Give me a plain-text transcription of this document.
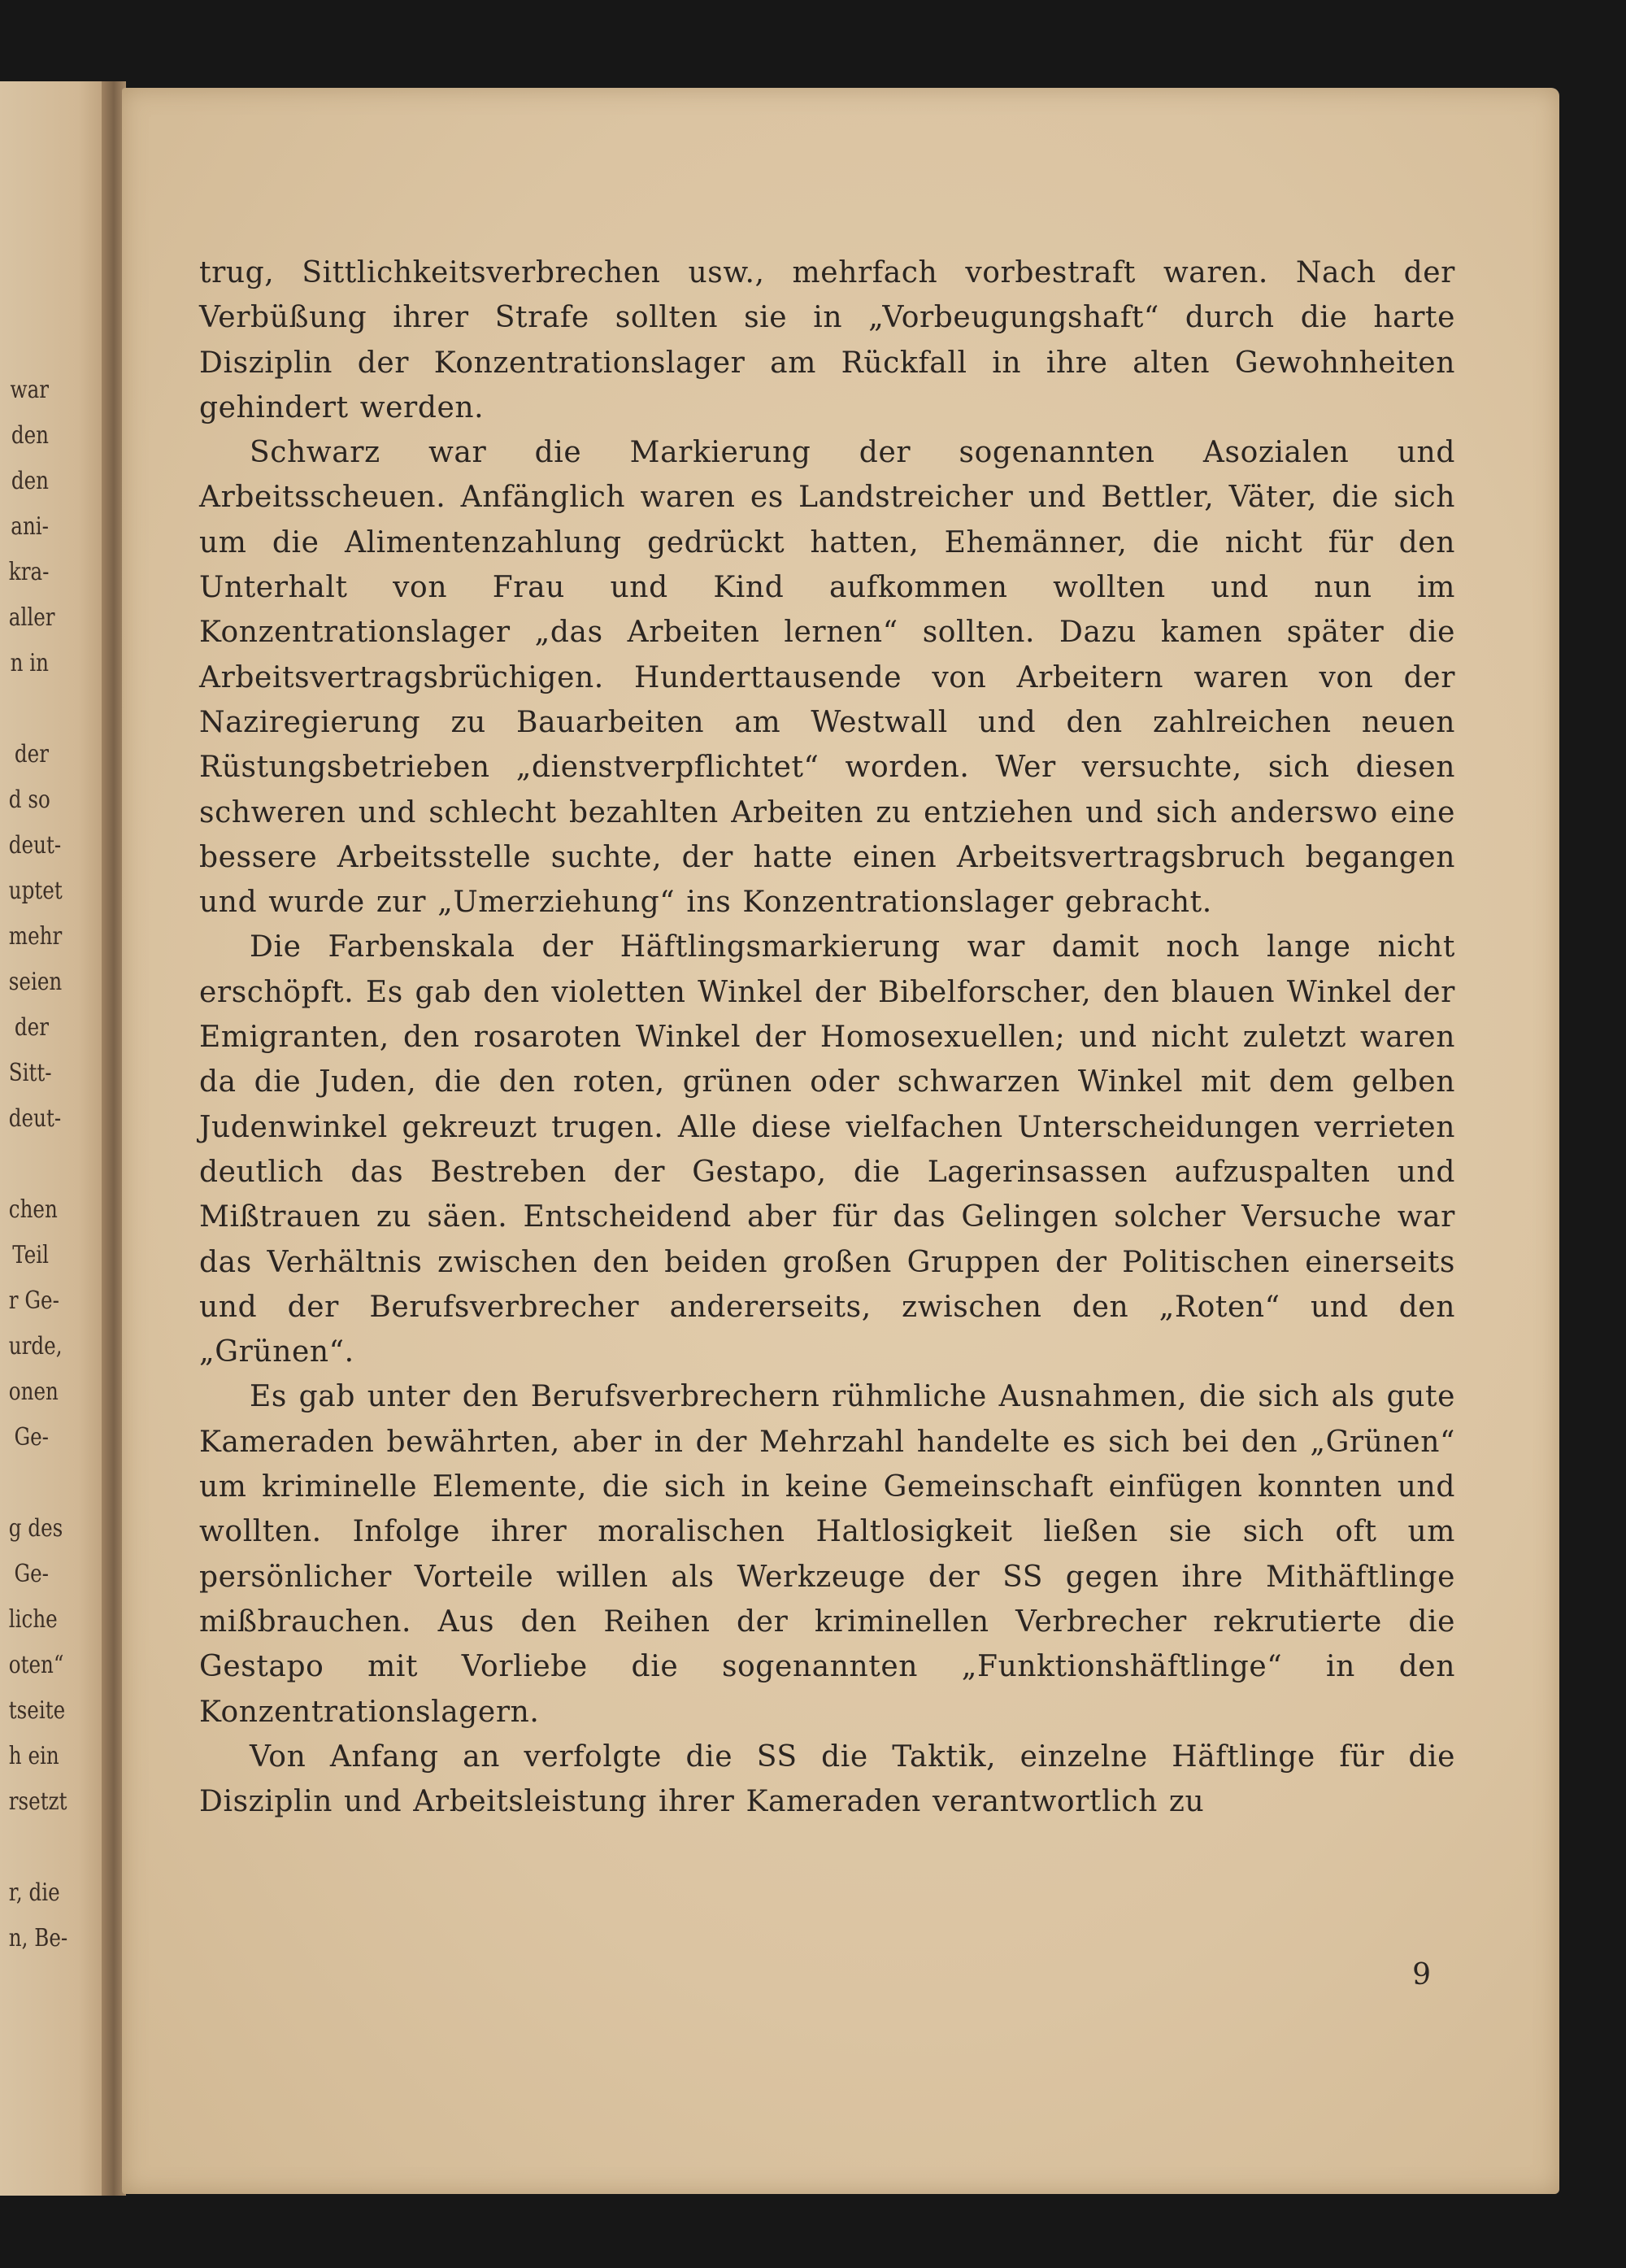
war
den
den
ani-
kra-
aller
n in
der
d so
deut-
uptet
mehr
seien
der
Sitt-
deut-
chen
Teil
r Ge-
urde,
onen
Ge-
g des
Ge-
liche
oten“
tseite
h ein
rsetzt
r, die
n, Be-

trug, Sittlichkeitsverbrechen usw., mehrfach vorbestraft waren. Nach der Verbüßung ihrer Strafe sollten sie in „Vorbeugungshaft“ durch die harte Disziplin der Konzentrationslager am Rückfall in ihre alten Gewohnheiten gehindert werden.

Schwarz war die Markierung der sogenannten Asozialen und Arbeitsscheuen. Anfänglich waren es Landstreicher und Bettler, Väter, die sich um die Alimentenzahlung gedrückt hatten, Ehemänner, die nicht für den Unterhalt von Frau und Kind aufkommen wollten und nun im Konzentrationslager „das Arbeiten lernen“ sollten. Dazu kamen später die Arbeitsvertragsbrüchigen. Hunderttausende von Arbeitern waren von der Naziregierung zu Bauarbeiten am Westwall und den zahlreichen neuen Rüstungsbetrieben „dienstverpflichtet“ worden. Wer versuchte, sich diesen schweren und schlecht bezahlten Arbeiten zu entziehen und sich anderswo eine bessere Arbeitsstelle suchte, der hatte einen Arbeitsvertragsbruch begangen und wurde zur „Umerziehung“ ins Konzentrationslager gebracht.

Die Farbenskala der Häftlingsmarkierung war damit noch lange nicht erschöpft. Es gab den violetten Winkel der Bibelforscher, den blauen Winkel der Emigranten, den rosaroten Winkel der Homosexuellen; und nicht zuletzt waren da die Juden, die den roten, grünen oder schwarzen Winkel mit dem gelben Judenwinkel gekreuzt trugen. Alle diese vielfachen Unterscheidungen verrieten deutlich das Bestreben der Gestapo, die Lagerinsassen aufzuspalten und Mißtrauen zu säen. Entscheidend aber für das Gelingen solcher Versuche war das Verhältnis zwischen den beiden großen Gruppen der Politischen einerseits und der Berufsverbrecher andererseits, zwischen den „Roten“ und den „Grünen“.

Es gab unter den Berufsverbrechern rühmliche Ausnahmen, die sich als gute Kameraden bewährten, aber in der Mehrzahl handelte es sich bei den „Grünen“ um kriminelle Elemente, die sich in keine Gemeinschaft einfügen konnten und wollten. Infolge ihrer moralischen Haltlosigkeit ließen sie sich oft um persönlicher Vorteile willen als Werkzeuge der SS gegen ihre Mithäftlinge mißbrauchen. Aus den Reihen der kriminellen Verbrecher rekrutierte die Gestapo mit Vorliebe die sogenannten „Funktionshäftlinge“ in den Konzentrationslagern.

Von Anfang an verfolgte die SS die Taktik, einzelne Häftlinge für die Disziplin und Arbeitsleistung ihrer Kameraden verantwortlich zu

9
